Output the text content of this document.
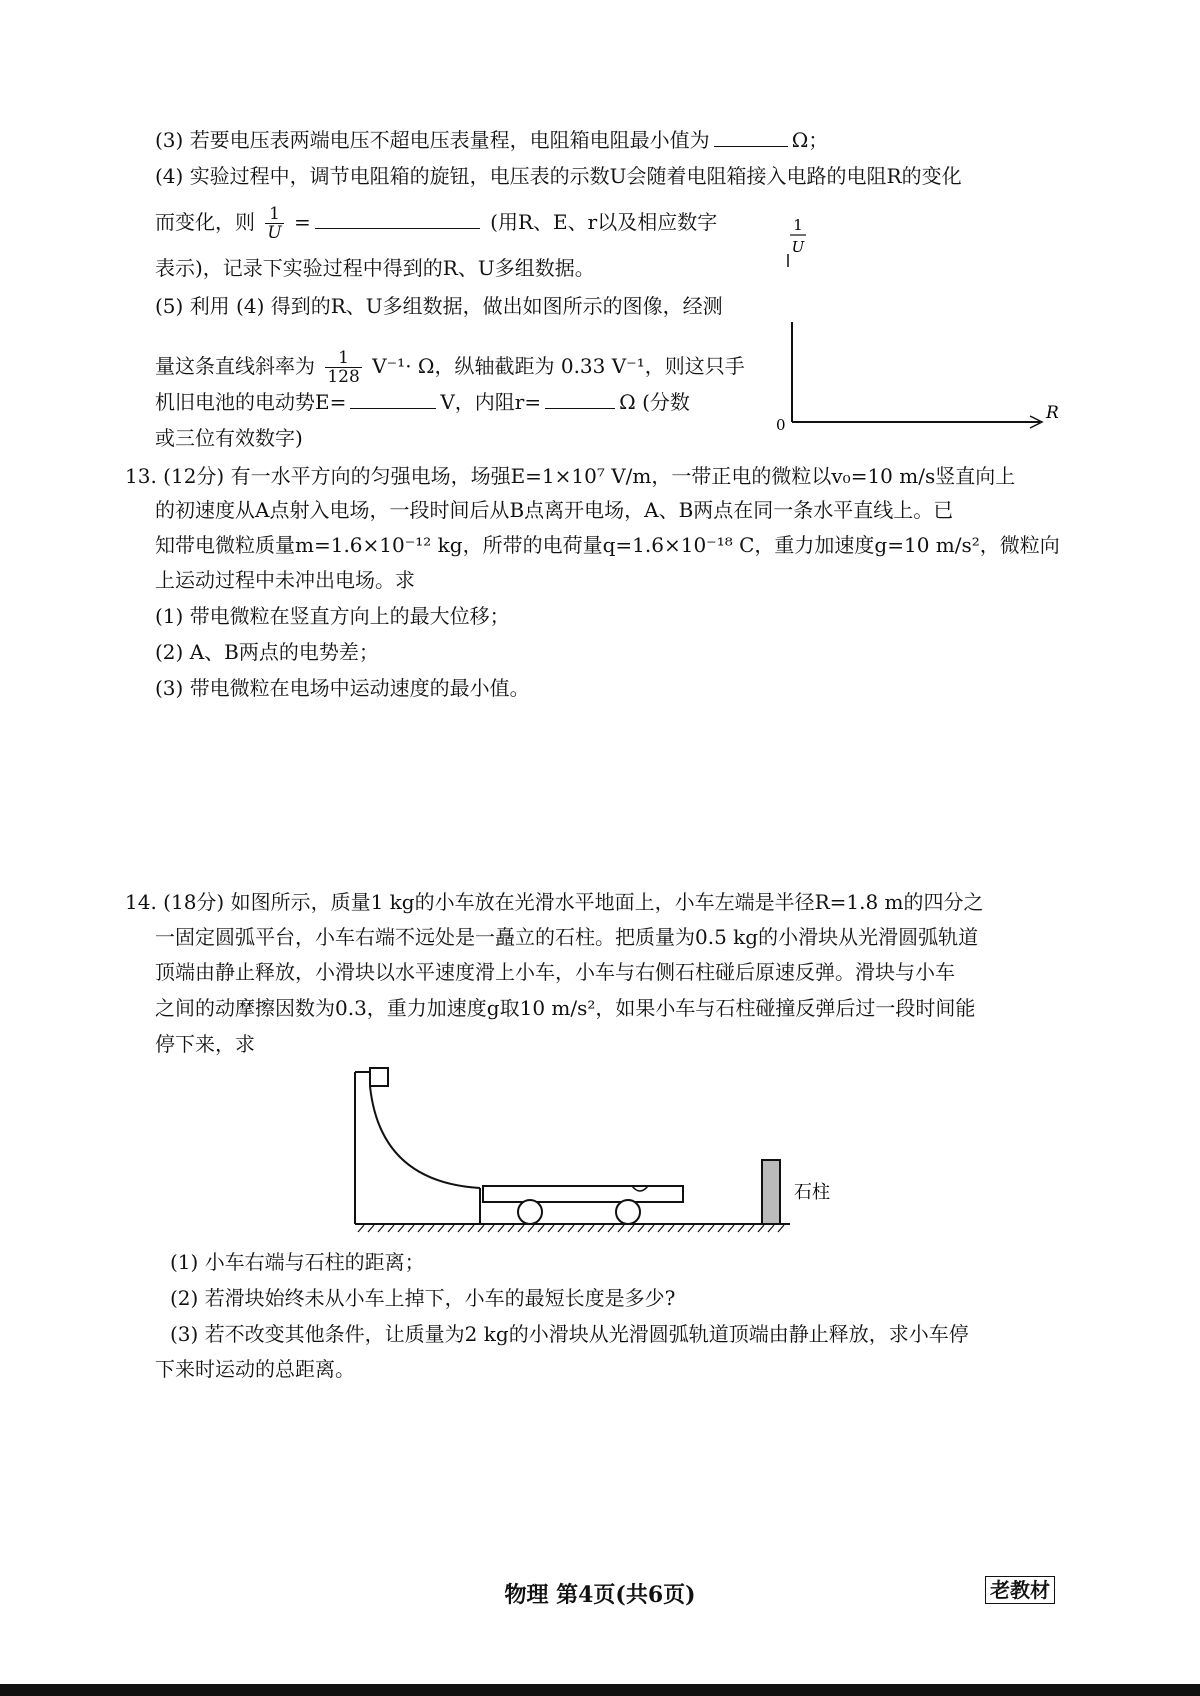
(3) 若要电压表两端电压不超电压表量程，电阻箱电阻最小值为	Ω；
(4) 实验过程中，调节电阻箱的旋钮，电压表的示数U会随着电阻箱接入电路的电阻R的变化
而变化，则 $\frac{1}{U}$ =	(用R、E、r以及相应数字
表示)，记录下实验过程中得到的R、U多组数据。
(5) 利用 (4) 得到的R、U多组数据，做出如图所示的图像，经测
量这条直线斜率为 $\frac{1}{128} V^{-1}\cdot \Omega$，纵轴截距为 0.33 V⁻¹，则这只手
机旧电池的电动势E=	V，内阻r=	Ω (分数
或三位有效数字)
1
U
R
0
13. (12分) 有一水平方向的匀强电场，场强E=1×10⁷ V/m，一带正电的微粒以v₀=10 m/s竖直向上
的初速度从A点射入电场，一段时间后从B点离开电场，A、B两点在同一条水平直线上。已
知带电微粒质量m=1.6×10⁻¹² kg，所带的电荷量q=1.6×10⁻¹⁸ C，重力加速度g=10 m/s²，微粒向
上运动过程中未冲出电场。求
(1) 带电微粒在竖直方向上的最大位移；
(2) A、B两点的电势差；
(3) 带电微粒在电场中运动速度的最小值。
14. (18分) 如图所示，质量1 kg的小车放在光滑水平地面上，小车左端是半径R=1.8 m的四分之
一固定圆弧平台，小车右端不远处是一矗立的石柱。把质量为0.5 kg的小滑块从光滑圆弧轨道
顶端由静止释放，小滑块以水平速度滑上小车，小车与右侧石柱碰后原速反弹。滑块与小车
之间的动摩擦因数为0.3，重力加速度g取10 m/s²，如果小车与石柱碰撞反弹后过一段时间能
停下来，求
石柱
(1) 小车右端与石柱的距离；
(2) 若滑块始终未从小车上掉下，小车的最短长度是多少?
(3) 若不改变其他条件，让质量为2 kg的小滑块从光滑圆弧轨道顶端由静止释放，求小车停
下来时运动的总距离。
物理 第4页(共6页)	老教材
